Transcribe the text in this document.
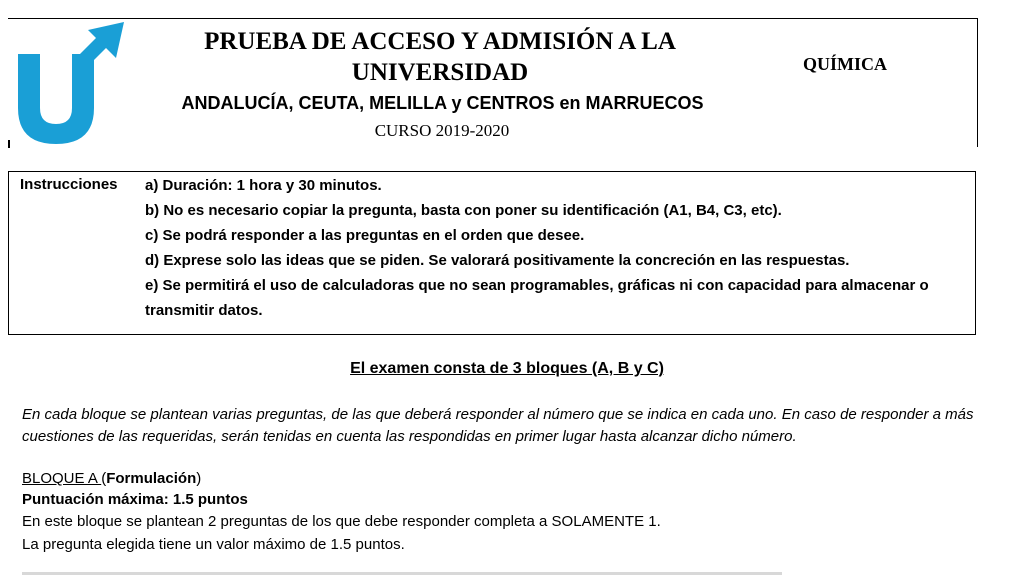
PRUEBA DE ACCESO Y ADMISIÓN A LA UNIVERSIDAD	QUÍMICA
ANDALUCÍA, CEUTA, MELILLA y CENTROS en MARRUECOS
CURSO 2019-2020
Instrucciones a) Duración: 1 hora y 30 minutos.
b) No es necesario copiar la pregunta, basta con poner su identificación (A1, B4, C3, etc).
c) Se podrá responder a las preguntas en el orden que desee.
d) Exprese solo las ideas que se piden. Se valorará positivamente la concreción en las respuestas.
e) Se permitirá el uso de calculadoras que no sean programables, gráficas ni con capacidad para almacenar o
transmitir datos.
El examen consta de 3 bloques (A, B y C)
En cada bloque se plantean varias preguntas, de las que deberá responder al número que se indica en cada uno. En caso de responder a más cuestiones de las requeridas, serán tenidas en cuenta las respondidas en primer lugar hasta alcanzar dicho número.
BLOQUE A (Formulación)
Puntuación máxima: 1.5 puntos
En este bloque se plantean 2 preguntas de los que debe responder completa a SOLAMENTE 1.
La pregunta elegida tiene un valor máximo de 1.5 puntos.
